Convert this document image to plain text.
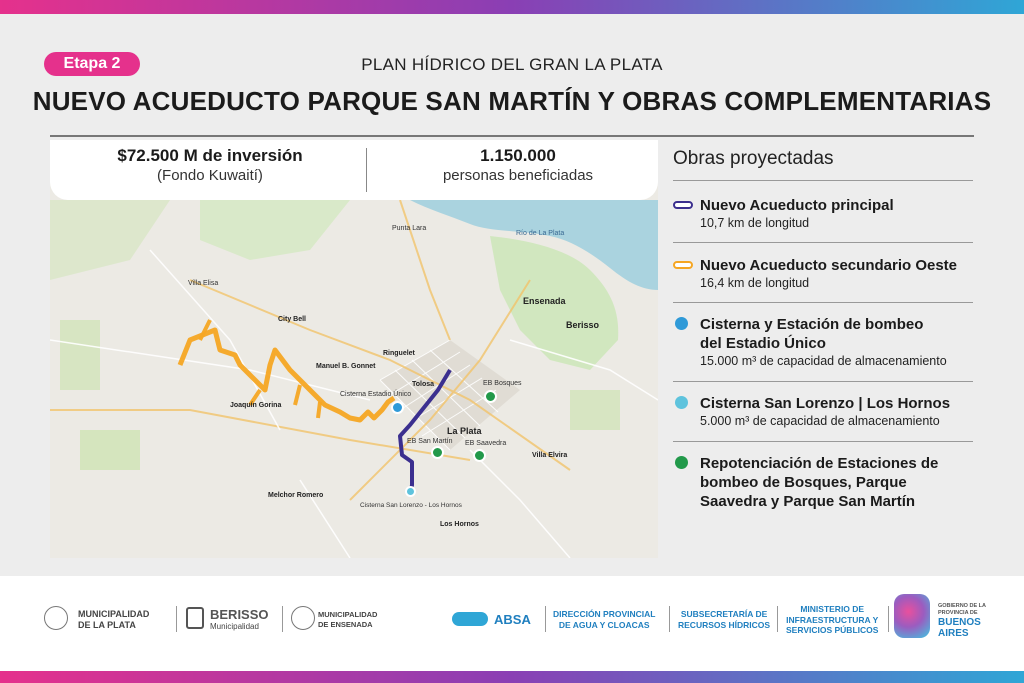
Etapa 2	PLAN HÍDRICO DEL GRAN LA PLATA
NUEVO ACUEDUCTO PARQUE SAN MARTÍN Y OBRAS COMPLEMENTARIAS
Punta Lara
Río de La Plata
Villa Elisa
City Bell
Ensenada
Berisso
Ringuelet
Manuel B. Gonnet
Tolosa
Joaquín Gorina
La Plata
Villa Elvira
Melchor Romero
Los Hornos
Cisterna Estadio Único
EB Bosques
EB San Martín EB Saavedra
Cisterna San Lorenzo - Los Hornos
$72.500 M de inversión
(Fondo Kuwaití)
1.150.000
personas beneficiadas
Obras proyectadas
Nuevo Acueducto principal
10,7 km de longitud
Nuevo Acueducto secundario Oeste
16,4 km de longitud
Cisterna y Estación de bombeo
del Estadio Único
15.000 m³ de capacidad de almacenamiento
Cisterna San Lorenzo | Los Hornos
5.000 m³ de capacidad de almacenamiento
Repotenciación de Estaciones de
bombeo de Bosques, Parque
Saavedra y Parque San Martín
MUNICIPALIDAD
DE LA PLATA
BERISSO
Municipalidad
MUNICIPALIDAD
DE ENSENADA	ABSA	DIRECCIÓN PROVINCIAL
DE AGUA Y CLOACAS
SUBSECRETARÍA DE
RECURSOS HÍDRICOS
MINISTERIO DE
INFRAESTRUCTURA Y
SERVICIOS PÚBLICOS
GOBIERNO DE LA
PROVINCIA DE
BUENOS
AIRES
